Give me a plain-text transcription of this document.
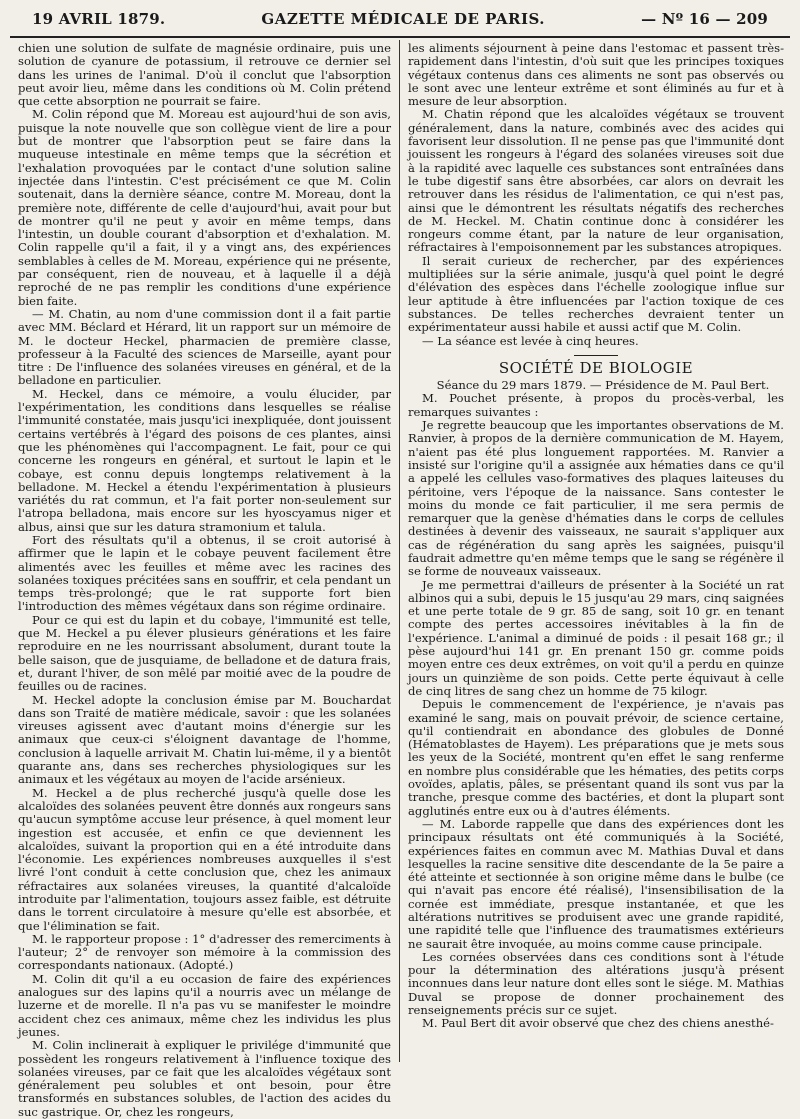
19 AVRIL 1879.	GAZETTE MÉDICALE DE PARIS.	— Nº 16 — 209

chien une solution de sulfate de magnésie ordinaire, puis une solution de cyanure de potassium, il retrouve ce dernier sel dans les urines de l'animal. D'où il conclut que l'absorption peut avoir lieu, même dans les conditions où M. Colin prétend que cette absorption ne pourrait se faire.

M. Colin répond que M. Moreau est aujourd'hui de son avis, puisque la note nouvelle que son collègue vient de lire a pour but de montrer que l'absorption peut se faire dans la muqueuse intestinale en même temps que la sécrétion et l'exhalation provoquées par le contact d'une solution saline injectée dans l'intestin. C'est précisément ce que M. Colin soutenait, dans la dernière séance, contre M. Moreau, dont la première note, différente de celle d'aujourd'hui, avait pour but de montrer qu'il ne peut y avoir en même temps, dans l'intestin, un double courant d'absorption et d'exhalation. M. Colin rappelle qu'il a fait, il y a vingt ans, des expériences semblables à celles de M. Moreau, expérience qui ne présente, par conséquent, rien de nouveau, et à laquelle il a déjà reproché de ne pas remplir les conditions d'une expérience bien faite.

— M. Chatin, au nom d'une commission dont il a fait partie avec MM. Béclard et Hérard, lit un rapport sur un mémoire de M. le docteur Heckel, pharmacien de première classe, professeur à la Faculté des sciences de Marseille, ayant pour titre : De l'influence des solanées vireuses en général, et de la belladone en particulier.

M. Heckel, dans ce mémoire, a voulu élucider, par l'expérimentation, les conditions dans lesquelles se réalise l'immunité constatée, mais jusqu'ici inexpliquée, dont jouissent certains vertébrés à l'égard des poisons de ces plantes, ainsi que les phénomènes qui l'accompagnent. Le fait, pour ce qui concerne les rongeurs en général, et surtout le lapin et le cobaye, est connu depuis longtemps relativement à la belladone. M. Heckel a étendu l'expérimentation à plusieurs variétés du rat commun, et l'a fait porter non-seulement sur l'atropa belladona, mais encore sur les hyoscyamus niger et albus, ainsi que sur les datura stramonium et talula.

Fort des résultats qu'il a obtenus, il se croit autorisé à affirmer que le lapin et le cobaye peuvent facilement être alimentés avec les feuilles et même avec les racines des solanées toxiques précitées sans en souffrir, et cela pendant un temps très-prolongé; que le rat supporte fort bien l'introduction des mêmes végétaux dans son régime ordinaire.

Pour ce qui est du lapin et du cobaye, l'immunité est telle, que M. Heckel a pu élever plusieurs générations et les faire reproduire en ne les nourrissant absolument, durant toute la belle saison, que de jusquiame, de belladone et de datura frais, et, durant l'hiver, de son mêlé par moitié avec de la poudre de feuilles ou de racines.

M. Heckel adopte la conclusion émise par M. Bouchardat dans son Traité de matière médicale, savoir : que les solanées vireuses agissent avec d'autant moins d'énergie sur les animaux que ceux-ci s'éloignent davantage de l'homme, conclusion à laquelle arrivait M. Chatin lui-même, il y a bientôt quarante ans, dans ses recherches physiologiques sur les animaux et les végétaux au moyen de l'acide arsénieux.

M. Heckel a de plus recherché jusqu'à quelle dose les alcaloïdes des solanées peuvent être donnés aux rongeurs sans qu'aucun symptôme accuse leur présence, à quel moment leur ingestion est accusée, et enfin ce que deviennent les alcaloïdes, suivant la proportion qui en a été introduite dans l'économie. Les expériences nombreuses auxquelles il s'est livré l'ont conduit à cette conclusion que, chez les animaux réfractaires aux solanées vireuses, la quantité d'alcaloïde introduite par l'alimentation, toujours assez faible, est détruite dans le torrent circulatoire à mesure qu'elle est absorbée, et que l'élimination se fait.

M. le rapporteur propose : 1° d'adresser des remerciments à l'auteur; 2° de renvoyer son mémoire à la commission des correspondants nationaux. (Adopté.)

M. Colin dit qu'il a eu occasion de faire des expériences analogues sur des lapins qu'il a nourris avec un mélange de luzerne et de morelle. Il n'a pas vu se manifester le moindre accident chez ces animaux, même chez les individus les plus jeunes.

M. Colin inclinerait à expliquer le privilége d'immunité que possèdent les rongeurs relativement à l'influence toxique des solanées vireuses, par ce fait que les alcaloïdes végétaux sont généralement peu solubles et ont besoin, pour être transformés en substances solubles, de l'action des acides du suc gastrique. Or, chez les rongeurs,

les aliments séjournent à peine dans l'estomac et passent très-rapidement dans l'intestin, d'où suit que les principes toxiques végétaux contenus dans ces aliments ne sont pas observés ou le sont avec une lenteur extrême et sont éliminés au fur et à mesure de leur absorption.

M. Chatin répond que les alcaloïdes végétaux se trouvent généralement, dans la nature, combinés avec des acides qui favorisent leur dissolution. Il ne pense pas que l'immunité dont jouissent les rongeurs à l'égard des solanées vireuses soit due à la rapidité avec laquelle ces substances sont entraînées dans le tube digestif sans être absorbées, car alors on devrait les retrouver dans les résidus de l'alimentation, ce qui n'est pas, ainsi que le démontrent les résultats négatifs des recherches de M. Heckel. M. Chatin continue donc à considérer les rongeurs comme étant, par la nature de leur organisation, réfractaires à l'empoisonnement par les substances atropiques.

Il serait curieux de rechercher, par des expériences multipliées sur la série animale, jusqu'à quel point le degré d'élévation des espèces dans l'échelle zoologique influe sur leur aptitude à être influencées par l'action toxique de ces substances. De telles recherches devraient tenter un expérimentateur aussi habile et aussi actif que M. Colin.

— La séance est levée à cinq heures.

SOCIÉTÉ DE BIOLOGIE

Séance du 29 mars 1879. — Présidence de M. Paul Bert.

M. Pouchet présente, à propos du procès-verbal, les remarques suivantes :

Je regrette beaucoup que les importantes observations de M. Ranvier, à propos de la dernière communication de M. Hayem, n'aient pas été plus longuement rapportées. M. Ranvier a insisté sur l'origine qu'il a assignée aux hématies dans ce qu'il a appelé les cellules vaso-formatives des plaques laiteuses du péritoine, vers l'époque de la naissance. Sans contester le moins du monde ce fait particulier, il me sera permis de remarquer que la genèse d'hématies dans le corps de cellules destinées à devenir des vaisseaux, ne saurait s'appliquer aux cas de régénération du sang après les saignées, puisqu'il faudrait admettre qu'en même temps que le sang se régénère il se forme de nouveaux vaisseaux.

Je me permettrai d'ailleurs de présenter à la Société un rat albinos qui a subi, depuis le 15 jusqu'au 29 mars, cinq saignées et une perte totale de 9 gr. 85 de sang, soit 10 gr. en tenant compte des pertes accessoires inévitables à la fin de l'expérience. L'animal a diminué de poids : il pesait 168 gr.; il pèse aujourd'hui 141 gr. En prenant 150 gr. comme poids moyen entre ces deux extrêmes, on voit qu'il a perdu en quinze jours un quinzième de son poids. Cette perte équivaut à celle de cinq litres de sang chez un homme de 75 kilogr.

Depuis le commencement de l'expérience, je n'avais pas examiné le sang, mais on pouvait prévoir, de science certaine, qu'il contiendrait en abondance des globules de Donné (Hématoblastes de Hayem). Les préparations que je mets sous les yeux de la Société, montrent qu'en effet le sang renferme en nombre plus considérable que les hématies, des petits corps ovoïdes, aplatis, pâles, se présentant quand ils sont vus par la tranche, presque comme des bactéries, et dont la plupart sont agglutinés entre eux ou à d'autres éléments.

— M. Laborde rappelle que dans des expériences dont les principaux résultats ont été communiqués à la Société, expériences faites en commun avec M. Mathias Duval et dans lesquelles la racine sensitive dite descendante de la 5e paire a été atteinte et sectionnée à son origine même dans le bulbe (ce qui n'avait pas encore été réalisé), l'insensibilisation de la cornée est immédiate, presque instantanée, et que les altérations nutritives se produisent avec une grande rapidité, une rapidité telle que l'influence des traumatismes extérieurs ne saurait être invoquée, au moins comme cause principale.

Les cornées observées dans ces conditions sont à l'étude pour la détermination des altérations jusqu'à présent inconnues dans leur nature dont elles sont le siége. M. Mathias Duval se propose de donner prochainement des renseignements précis sur ce sujet.

M. Paul Bert dit avoir observé que chez des chiens anesthé-
